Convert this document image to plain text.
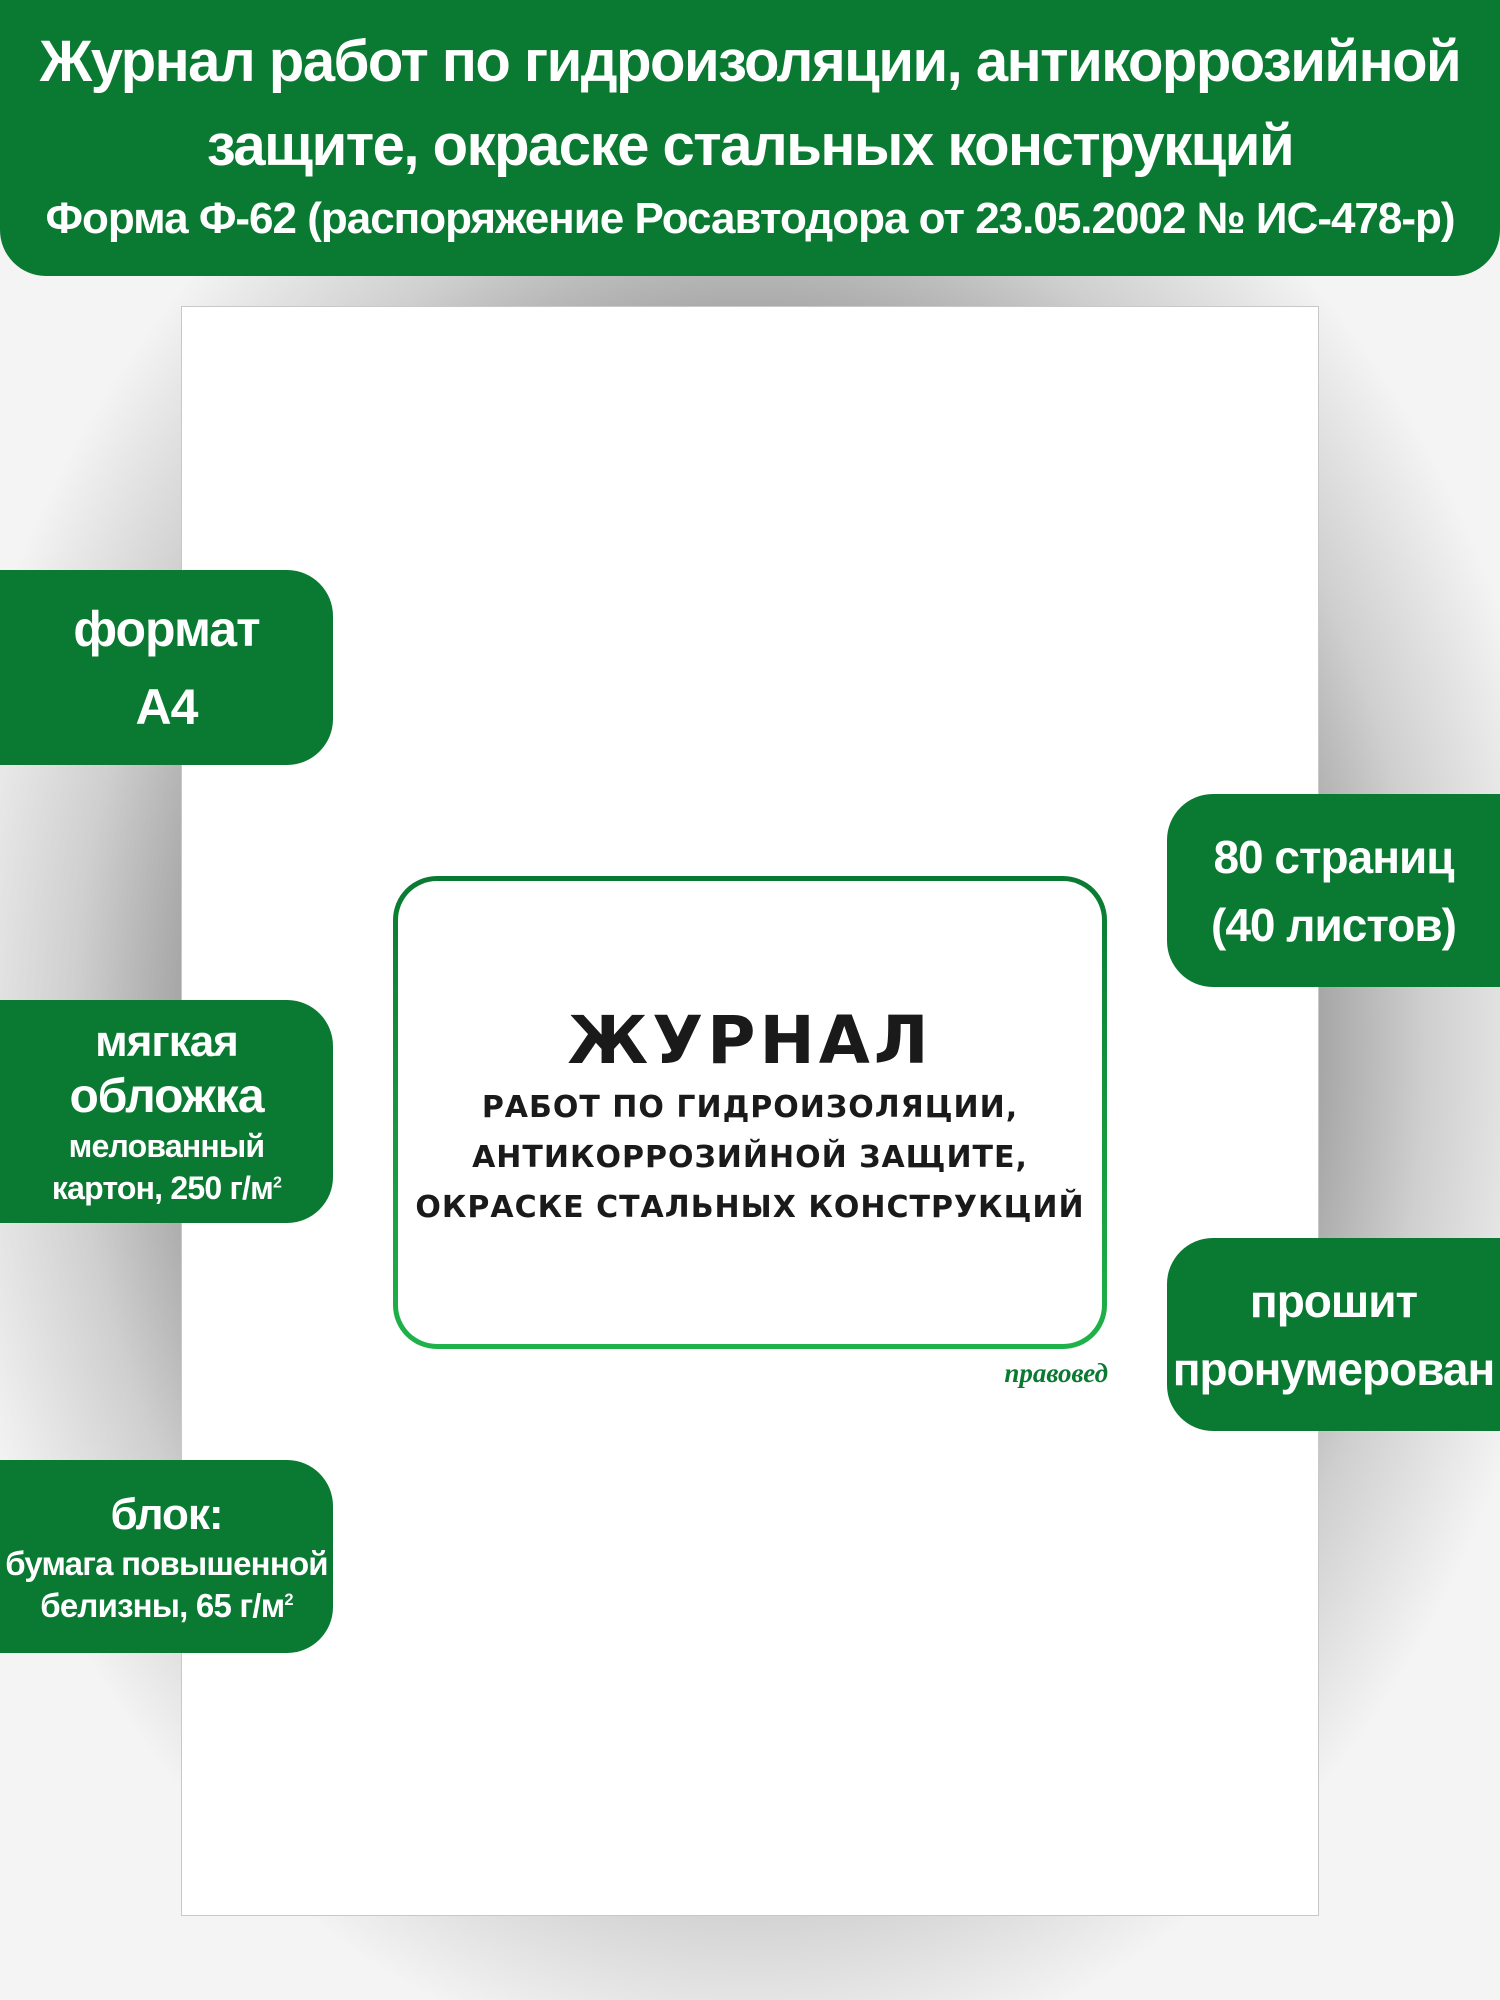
Журнал работ по гидроизоляции, антикоррозийной
защите, окраске стальных конструкций
Форма Ф-62 (распоряжение Росавтодора от 23.05.2002 № ИС-478-р)
ЖУРНАЛ
РАБОТ ПО ГИДРОИЗОЛЯЦИИ,
АНТИКОРРОЗИЙНОЙ ЗАЩИТЕ,
ОКРАСКЕ СТАЛЬНЫХ КОНСТРУКЦИЙ
правовед
формат
А4
мягкая
обложка
мелованный
картон, 250 $г/м^2$
блок:
бумага повышенной
белизны, 65 $г/м^2$
80 страниц
(40 листов)
прошит
пронумерован
